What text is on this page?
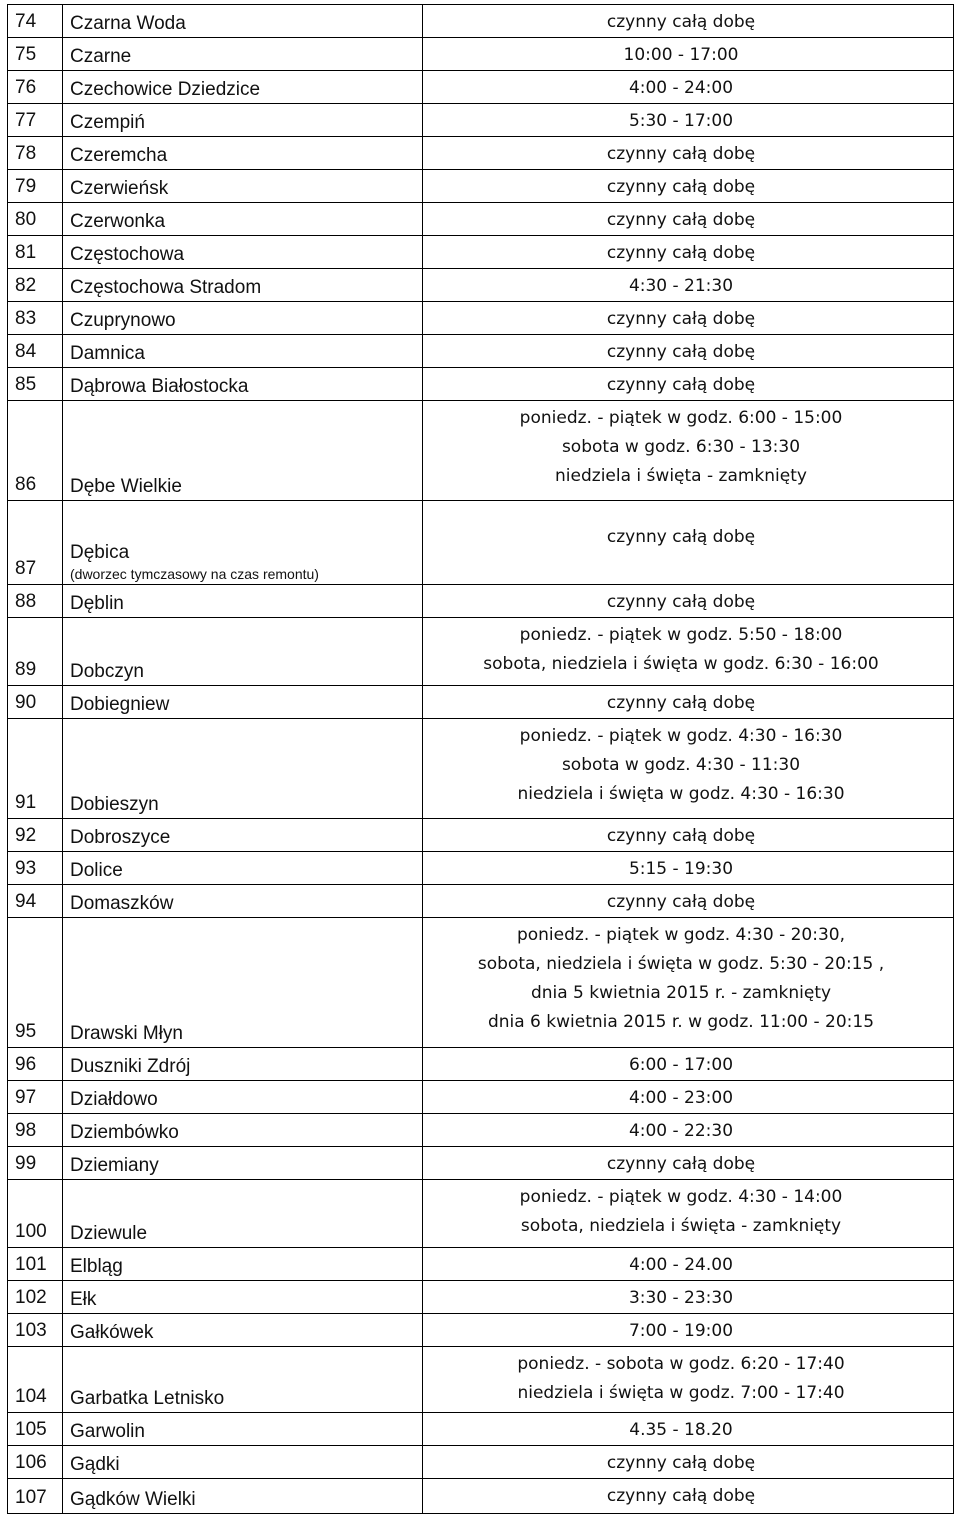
74	Czarna Woda	czynny całą dobę

75	Czarne	10:00 - 17:00

76	Czechowice Dziedzice	4:00 - 24:00

77	Czempiń	5:30 - 17:00

78	Czeremcha	czynny całą dobę

79	Czerwieńsk	czynny całą dobę

80	Czerwonka	czynny całą dobę

81	Częstochowa	czynny całą dobę

82	Częstochowa Stradom	4:30 - 21:30

83	Czuprynowo	czynny całą dobę

84	Damnica	czynny całą dobę

85	Dąbrowa Białostocka	czynny całą dobę

86	Dębe Wielkie	poniedz. - piątek w godz. 6:00 - 15:00
sobota w godz. 6:30 - 13:30
niedziela i święta - zamknięty

87	Dębica
(dworzec tymczasowy na czas remontu)	czynny całą dobę

88	Dęblin	czynny całą dobę

89	Dobczyn	poniedz. - piątek w godz. 5:50 - 18:00
sobota, niedziela i święta w godz. 6:30 - 16:00

90	Dobiegniew	czynny całą dobę

91	Dobieszyn	poniedz. - piątek w godz. 4:30 - 16:30
sobota w godz. 4:30 - 11:30
niedziela i święta w godz. 4:30 - 16:30

92	Dobroszyce	czynny całą dobę

93	Dolice	5:15 - 19:30

94	Domaszków	czynny całą dobę

95	Drawski Młyn	poniedz. - piątek w godz. 4:30 - 20:30,
sobota, niedziela i święta w godz. 5:30 - 20:15 ,
dnia 5 kwietnia 2015 r. - zamknięty
dnia 6 kwietnia 2015 r. w godz. 11:00 - 20:15

96	Duszniki Zdrój	6:00 - 17:00

97	Działdowo	4:00 - 23:00

98	Dziembówko	4:00 - 22:30

99	Dziemiany	czynny całą dobę

100	Dziewule	poniedz. - piątek w godz. 4:30 - 14:00
sobota, niedziela i święta - zamknięty

101	Elbląg	4:00 - 24.00

102	Ełk	3:30 - 23:30

103	Gałkówek	7:00 - 19:00

104	Garbatka Letnisko	poniedz. - sobota w godz. 6:20 - 17:40
niedziela i święta w godz. 7:00 - 17:40

105	Garwolin	4.35 - 18.20

106	Gądki	czynny całą dobę

107	Gądków Wielki	czynny całą dobę
